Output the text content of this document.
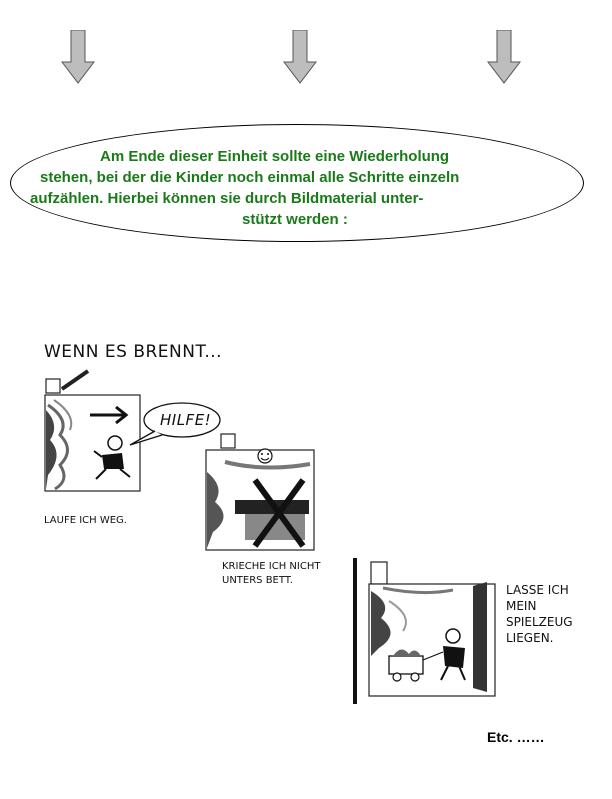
Am Ende dieser Einheit sollte eine Wiederholung
stehen, bei der die Kinder noch einmal alle Schritte einzeln
aufzählen. Hierbei können sie durch Bildmaterial unter-
stützt werden :
WENN ES BRENNT...
HILFE!
LAUFE ICH WEG.
KRIECHE ICH NICHT
UNTERS BETT.
LASSE ICH
MEIN
SPIELZEUG
LIEGEN.
Etc. ……
